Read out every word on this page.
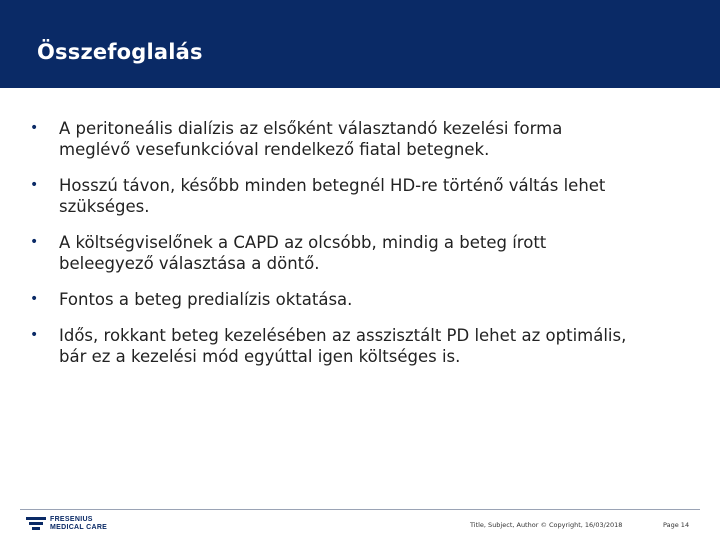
Összefoglalás
• A peritoneális dialízis az elsőként választandó kezelési forma
meglévő vesefunkcióval rendelkező fiatal betegnek.
• Hosszú távon, később minden betegnél HD-re történő váltás lehet
szükséges.
• A költségviselőnek a CAPD az olcsóbb, mindig a beteg írott
beleegyező választása a döntő.
• Fontos a beteg predialízis oktatása.
• Idős, rokkant beteg kezelésében az asszisztált PD lehet az optimális,
bár ez a kezelési mód egyúttal igen költséges is.
FRESENIUS
MEDICAL CARE	Title, Subject, Author © Copyright, 16/03/2018	Page 14
